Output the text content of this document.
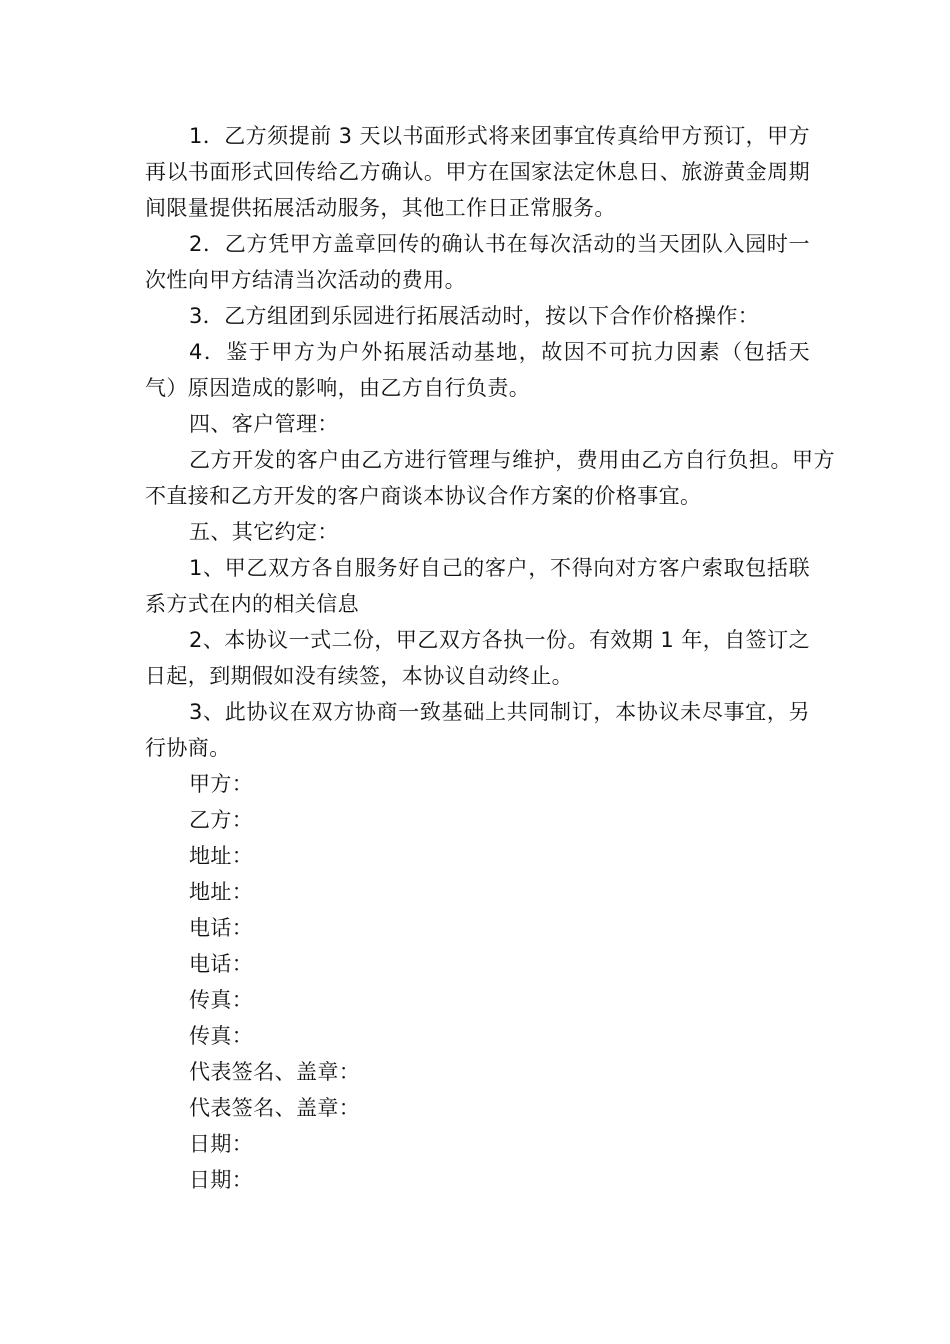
1．乙方须提前 3 天以书面形式将来团事宜传真给甲方预订，甲方再以书面形式回传给乙方确认。甲方在国家法定休息日、旅游黄金周期间限量提供拓展活动服务，其他工作日正常服务。

2．乙方凭甲方盖章回传的确认书在每次活动的当天团队入园时一次性向甲方结清当次活动的费用。

3．乙方组团到乐园进行拓展活动时，按以下合作价格操作：

4．鉴于甲方为户外拓展活动基地，故因不可抗力因素（包括天气）原因造成的影响，由乙方自行负责。

四、客户管理：

乙方开发的客户由乙方进行管理与维护，费用由乙方自行负担。甲方不直接和乙方开发的客户商谈本协议合作方案的价格事宜。

五、其它约定：

1、甲乙双方各自服务好自己的客户，不得向对方客户索取包括联系方式在内的相关信息

2、本协议一式二份，甲乙双方各执一份。有效期 1 年，自签订之日起，到期假如没有续签，本协议自动终止。

3、此协议在双方协商一致基础上共同制订，本协议未尽事宜，另行协商。

甲方：

乙方：

地址：

地址：

电话：

电话：

传真：

传真：

代表签名、盖章：

代表签名、盖章：

日期：

日期：
